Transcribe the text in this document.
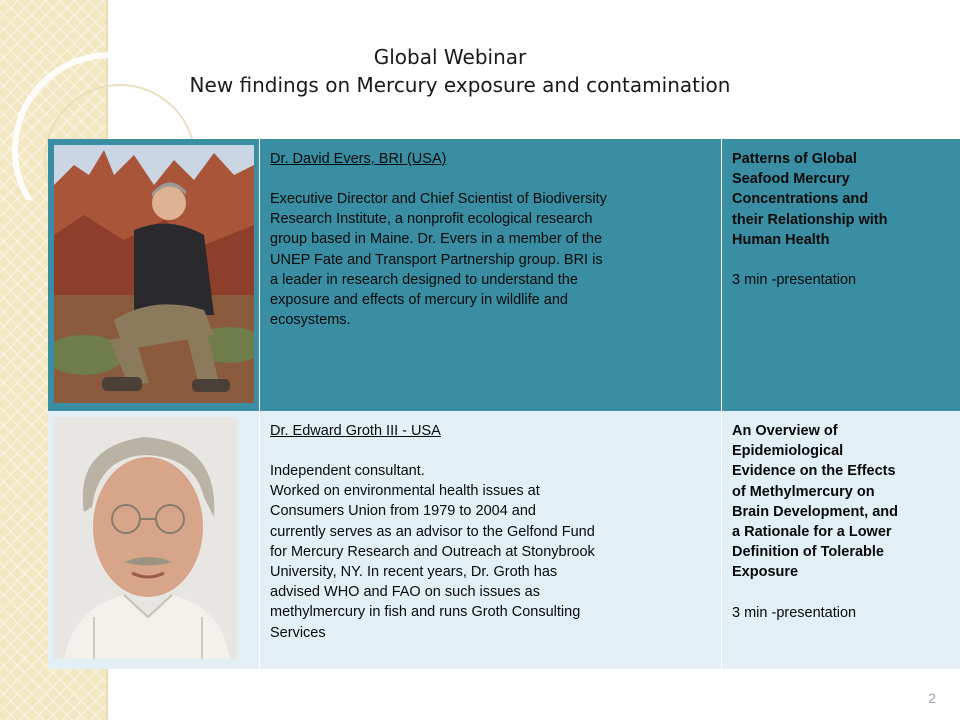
Global Webinar
New findings on Mercury exposure and contamination
Dr. David Evers, BRI (USA)
Executive Director and Chief Scientist of Biodiversity
Research Institute, a nonprofit ecological research
group based in Maine. Dr. Evers in a member of the
UNEP Fate and Transport Partnership group. BRI is
a leader in research designed to understand the
exposure and effects of mercury in wildlife and
ecosystems.
Patterns of Global
Seafood Mercury
Concentrations and
their Relationship with
Human Health
3 min -presentation
Dr. Edward Groth III - USA
Independent consultant.
Worked on environmental health issues at
Consumers Union from 1979 to 2004 and
currently serves as an advisor to the Gelfond Fund
for Mercury Research and Outreach at Stonybrook
University, NY. In recent years, Dr. Groth has
advised WHO and FAO on such issues as
methylmercury in fish and runs Groth Consulting
Services
An Overview of
Epidemiological
Evidence on the Effects
of Methylmercury on
Brain Development, and
a Rationale for a Lower
Definition of Tolerable
Exposure
3 min -presentation
2
